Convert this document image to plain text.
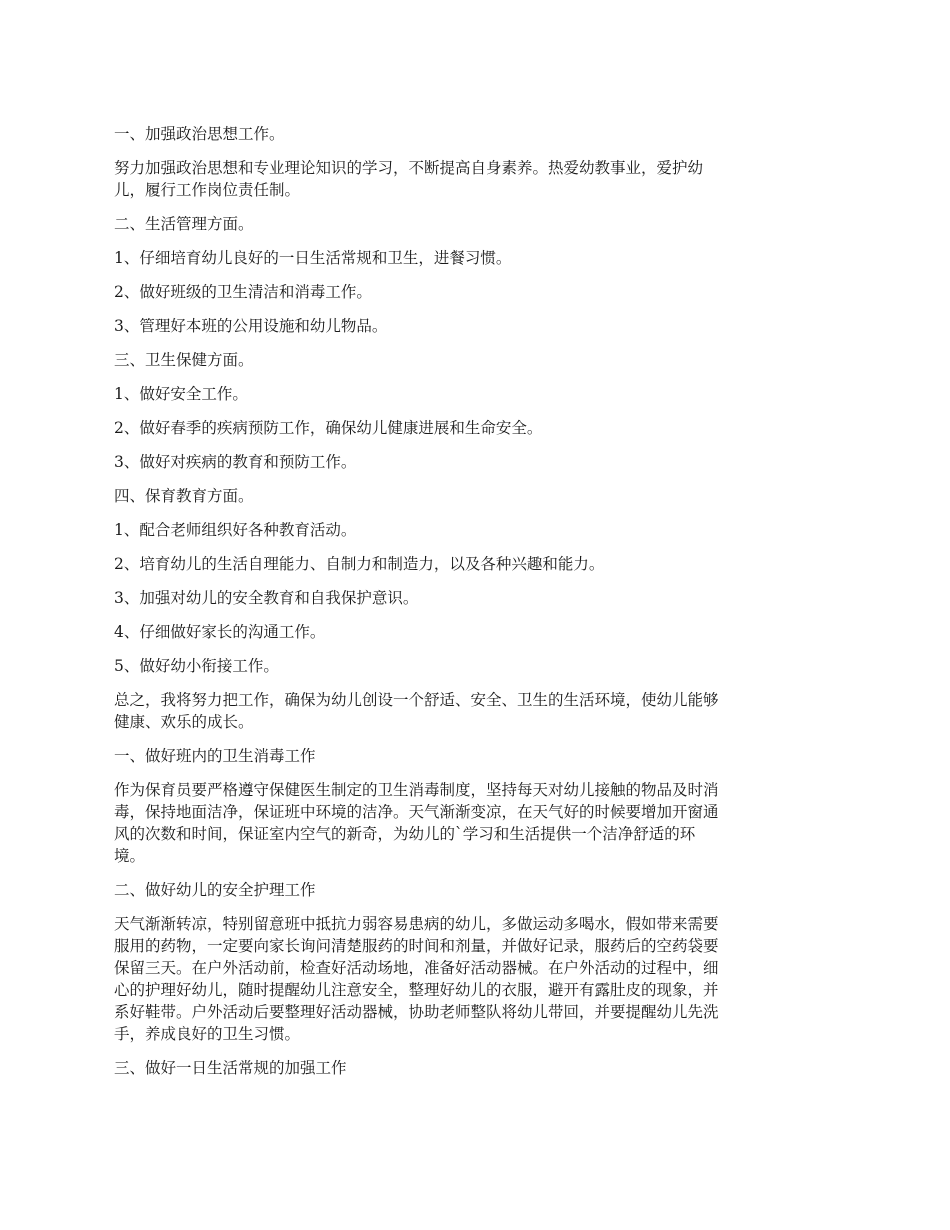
一、加强政治思想工作。

努力加强政治思想和专业理论知识的学习，不断提高自身素养。热爱幼教事业，爱护幼
儿，履行工作岗位责任制。

二、生活管理方面。

1、仔细培育幼儿良好的一日生活常规和卫生，进餐习惯。

2、做好班级的卫生清洁和消毒工作。

3、管理好本班的公用设施和幼儿物品。

三、卫生保健方面。

1、做好安全工作。

2、做好春季的疾病预防工作，确保幼儿健康进展和生命安全。

3、做好对疾病的教育和预防工作。

四、保育教育方面。

1、配合老师组织好各种教育活动。

2、培育幼儿的生活自理能力、自制力和制造力，以及各种兴趣和能力。

3、加强对幼儿的安全教育和自我保护意识。

4、仔细做好家长的沟通工作。

5、做好幼小衔接工作。

总之，我将努力把工作，确保为幼儿创设一个舒适、安全、卫生的生活环境，使幼儿能够
健康、欢乐的成长。

一、做好班内的卫生消毒工作

作为保育员要严格遵守保健医生制定的卫生消毒制度，坚持每天对幼儿接触的物品及时消
毒，保持地面洁净，保证班中环境的洁净。天气渐渐变凉，在天气好的时候要增加开窗通
风的次数和时间，保证室内空气的新奇，为幼儿的`学习和生活提供一个洁净舒适的环
境。

二、做好幼儿的安全护理工作

天气渐渐转凉，特别留意班中抵抗力弱容易患病的幼儿，多做运动多喝水，假如带来需要
服用的药物，一定要向家长询问清楚服药的时间和剂量，并做好记录，服药后的空药袋要
保留三天。在户外活动前，检查好活动场地，准备好活动器械。在户外活动的过程中，细
心的护理好幼儿，随时提醒幼儿注意安全，整理好幼儿的衣服，避开有露肚皮的现象，并
系好鞋带。户外活动后要整理好活动器械，协助老师整队将幼儿带回，并要提醒幼儿先洗
手，养成良好的卫生习惯。

三、做好一日生活常规的加强工作
